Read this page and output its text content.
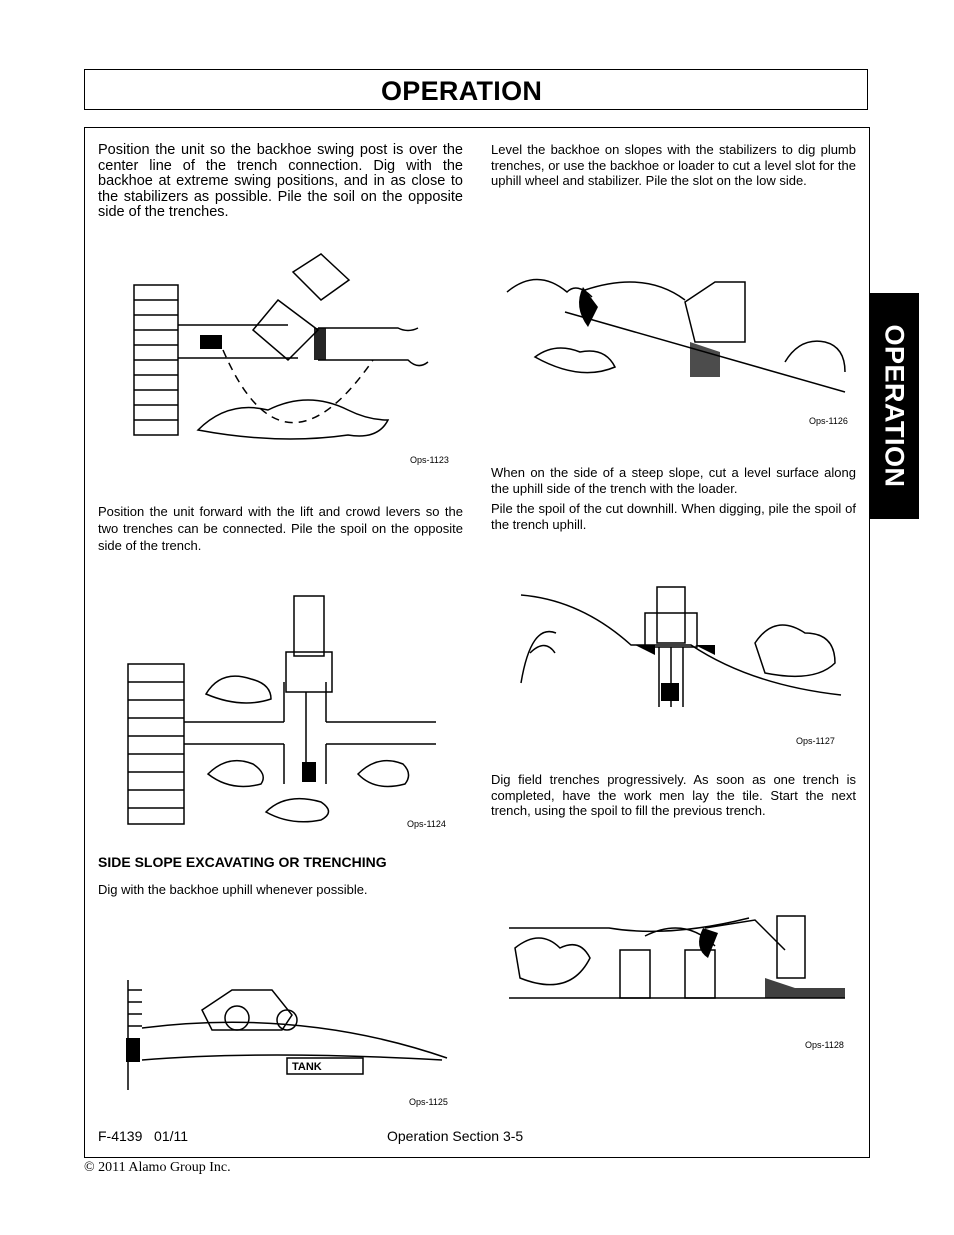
OPERATION
OPERATION

Position the unit so the backhoe swing post is over the center line of the trench connection. Dig with the backhoe at extreme swing positions, and in as close to the stabilizers as possible. Pile the soil on the opposite side of the trenches.

Ops-1123

Position the unit forward with the lift and crowd levers so the two trenches can be connected. Pile the spoil on the opposite side of the trench.

Ops-1124
SIDE SLOPE EXCAVATING OR TRENCHING

Dig with the backhoe uphill whenever possible.

TANK
Ops-1125

Level the backhoe on slopes with the stabilizers to dig plumb trenches, or use the backhoe or loader to cut a level slot for the uphill wheel and stabilizer. Pile the slot on the low side.

Ops-1126

When on the side of a steep slope, cut a level surface along the uphill side of the trench with the loader.

Pile the spoil of the cut downhill. When digging, pile the spoil of the trench uphill.

Ops-1127

Dig field trenches progressively. As soon as one trench is completed, have the work men lay the tile. Start the next trench, using the spoil to fill the previous trench.

Ops-1128
F-4139   01/11	Operation Section 3-5
© 2011 Alamo Group Inc.
